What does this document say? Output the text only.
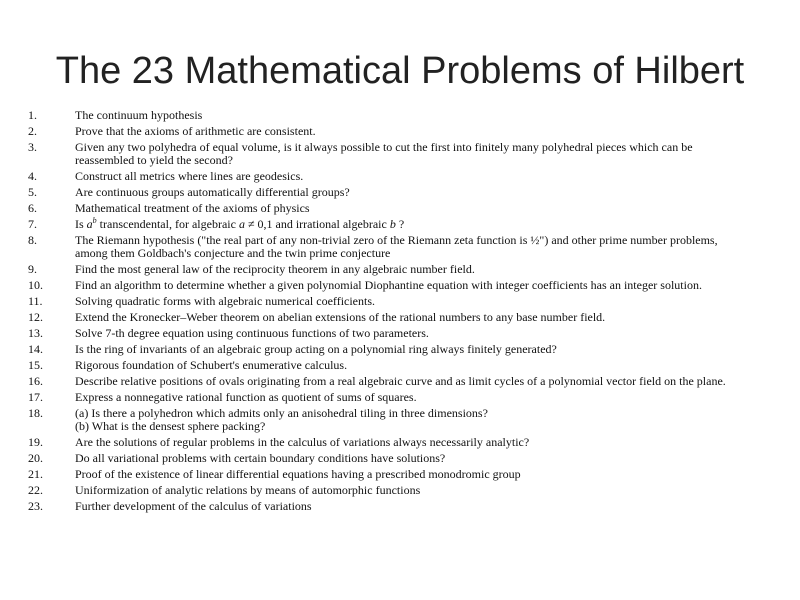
The 23 Mathematical Problems of Hilbert
1.	The continuum hypothesis
2.	Prove that the axioms of arithmetic are consistent.
3.	Given any two polyhedra of equal volume, is it always possible to cut the first into finitely many polyhedral pieces which can be reassembled to yield the second?
4.	Construct all metrics where lines are geodesics.
5.	Are continuous groups automatically differential groups?
6.	Mathematical treatment of the axioms of physics
7.	Is $a^b$ transcendental, for algebraic a ≠ 0,1 and irrational algebraic b ?
8.	The Riemann hypothesis ("the real part of any non-trivial zero of the Riemann zeta function is ½") and other prime number problems, among them Goldbach's conjecture and the twin prime conjecture
9.	Find the most general law of the reciprocity theorem in any algebraic number field.
10.	Find an algorithm to determine whether a given polynomial Diophantine equation with integer coefficients has an integer solution.
11.	Solving quadratic forms with algebraic numerical coefficients.
12.	Extend the Kronecker–Weber theorem on abelian extensions of the rational numbers to any base number field.
13.	Solve 7-th degree equation using continuous functions of two parameters.
14.	Is the ring of invariants of an algebraic group acting on a polynomial ring always finitely generated?
15.	Rigorous foundation of Schubert's enumerative calculus.
16.	Describe relative positions of ovals originating from a real algebraic curve and as limit cycles of a polynomial vector field on the plane.
17.	Express a nonnegative rational function as quotient of sums of squares.
18.	(a) Is there a polyhedron which admits only an anisohedral tiling in three dimensions?
(b) What is the densest sphere packing?
19.	Are the solutions of regular problems in the calculus of variations always necessarily analytic?
20.	Do all variational problems with certain boundary conditions have solutions?
21.	Proof of the existence of linear differential equations having a prescribed monodromic group
22.	Uniformization of analytic relations by means of automorphic functions
23.	Further development of the calculus of variations
